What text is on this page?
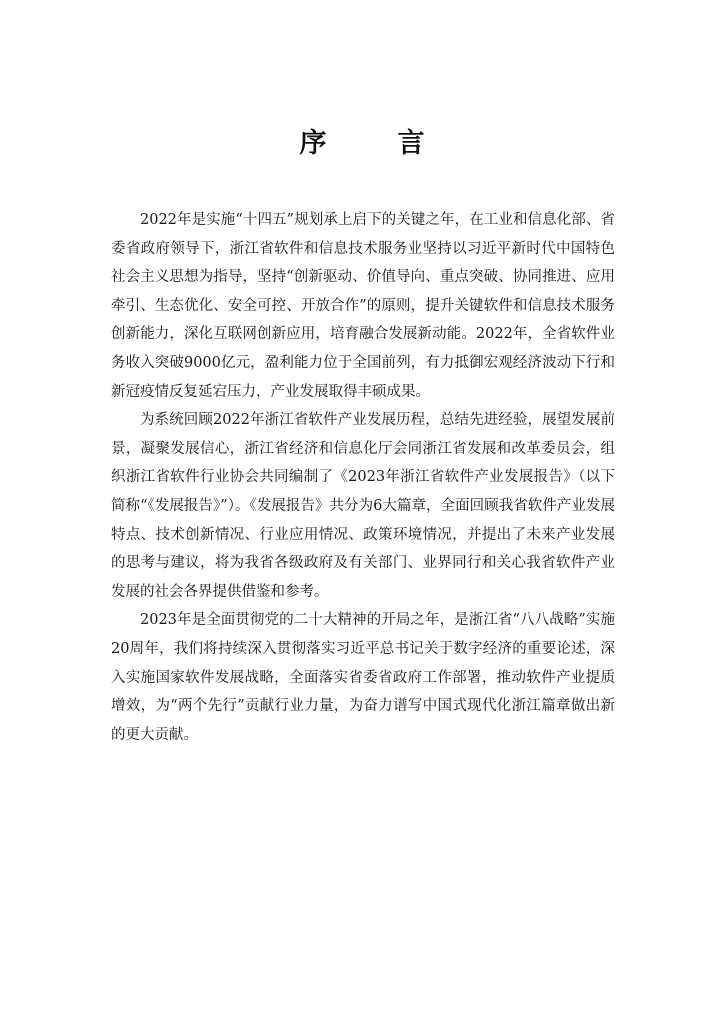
序　言

2022年是实施“十四五”规划承上启下的关键之年，在工业和信息化部、省委省政府领导下，浙江省软件和信息技术服务业坚持以习近平新时代中国特色社会主义思想为指导，坚持“创新驱动、价值导向、重点突破、协同推进、应用牵引、生态优化、安全可控、开放合作”的原则，提升关键软件和信息技术服务创新能力，深化互联网创新应用，培育融合发展新动能。2022年，全省软件业务收入突破9000亿元，盈利能力位于全国前列，有力抵御宏观经济波动下行和新冠疫情反复延宕压力，产业发展取得丰硕成果。

为系统回顾2022年浙江省软件产业发展历程，总结先进经验，展望发展前景，凝聚发展信心，浙江省经济和信息化厅会同浙江省发展和改革委员会，组织浙江省软件行业协会共同编制了《2023年浙江省软件产业发展报告》（以下简称“《发展报告》”）。《发展报告》共分为6大篇章，全面回顾我省软件产业发展特点、技术创新情况、行业应用情况、政策环境情况，并提出了未来产业发展的思考与建议，将为我省各级政府及有关部门、业界同行和关心我省软件产业发展的社会各界提供借鉴和参考。

2023年是全面贯彻党的二十大精神的开局之年，是浙江省“八八战略”实施20周年，我们将持续深入贯彻落实习近平总书记关于数字经济的重要论述，深入实施国家软件发展战略，全面落实省委省政府工作部署，推动软件产业提质增效，为“两个先行”贡献行业力量，为奋力谱写中国式现代化浙江篇章做出新的更大贡献。
